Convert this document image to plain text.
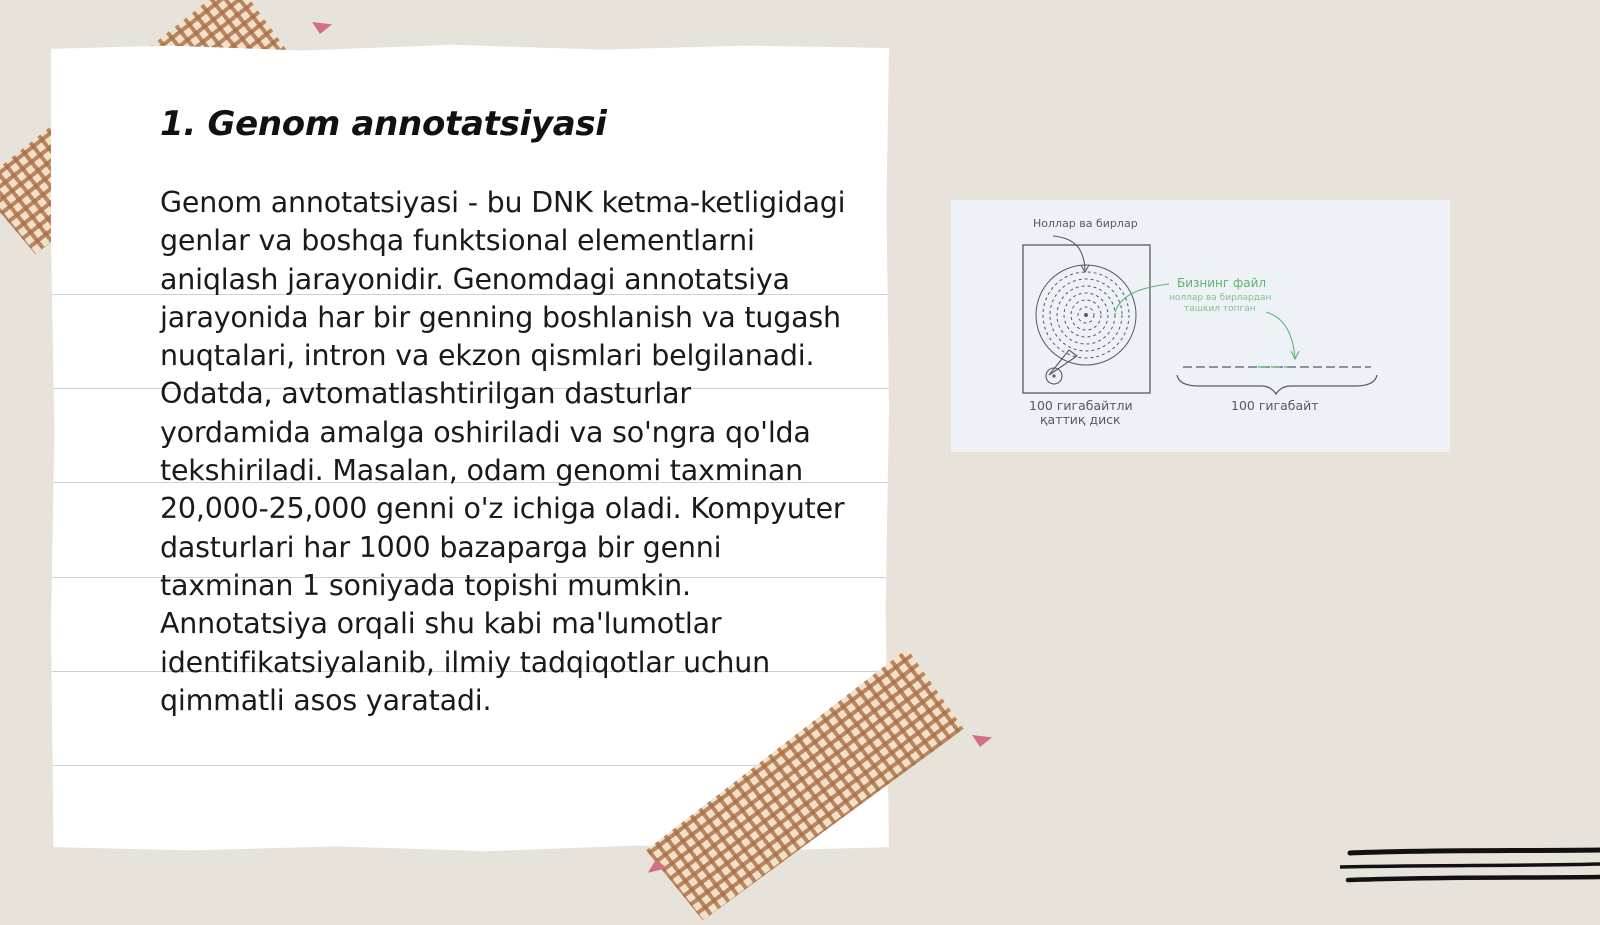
1. Genom annotatsiyasi

Genom annotatsiyasi - bu DNK ketma-ketligidagi genlar va boshqa funktsional elementlarni aniqlash jarayonidir. Genomdagi annotatsiya jarayonida har bir genning boshlanish va tugash nuqtalari, intron va ekzon qismlari belgilanadi. Odatda, avtomatlashtirilgan dasturlar yordamida amalga oshiriladi va so'ngra qo'lda tekshiriladi. Masalan, odam genomi taxminan 20,000-25,000 genni o'z ichiga oladi. Kompyuter dasturlari har 1000 bazaparga bir genni taxminan 1 soniyada topishi mumkin. Annotatsiya orqali shu kabi ma'lumotlar identifikatsiyalanib, ilmiy tadqiqotlar uchun qimmatli asos yaratadi.

Ноллар ва бирлар
Бизнинг файл
ноллар ва бирлардан
ташкил топган
100 гигабайтли
қаттиқ диск
100 гигабайт
